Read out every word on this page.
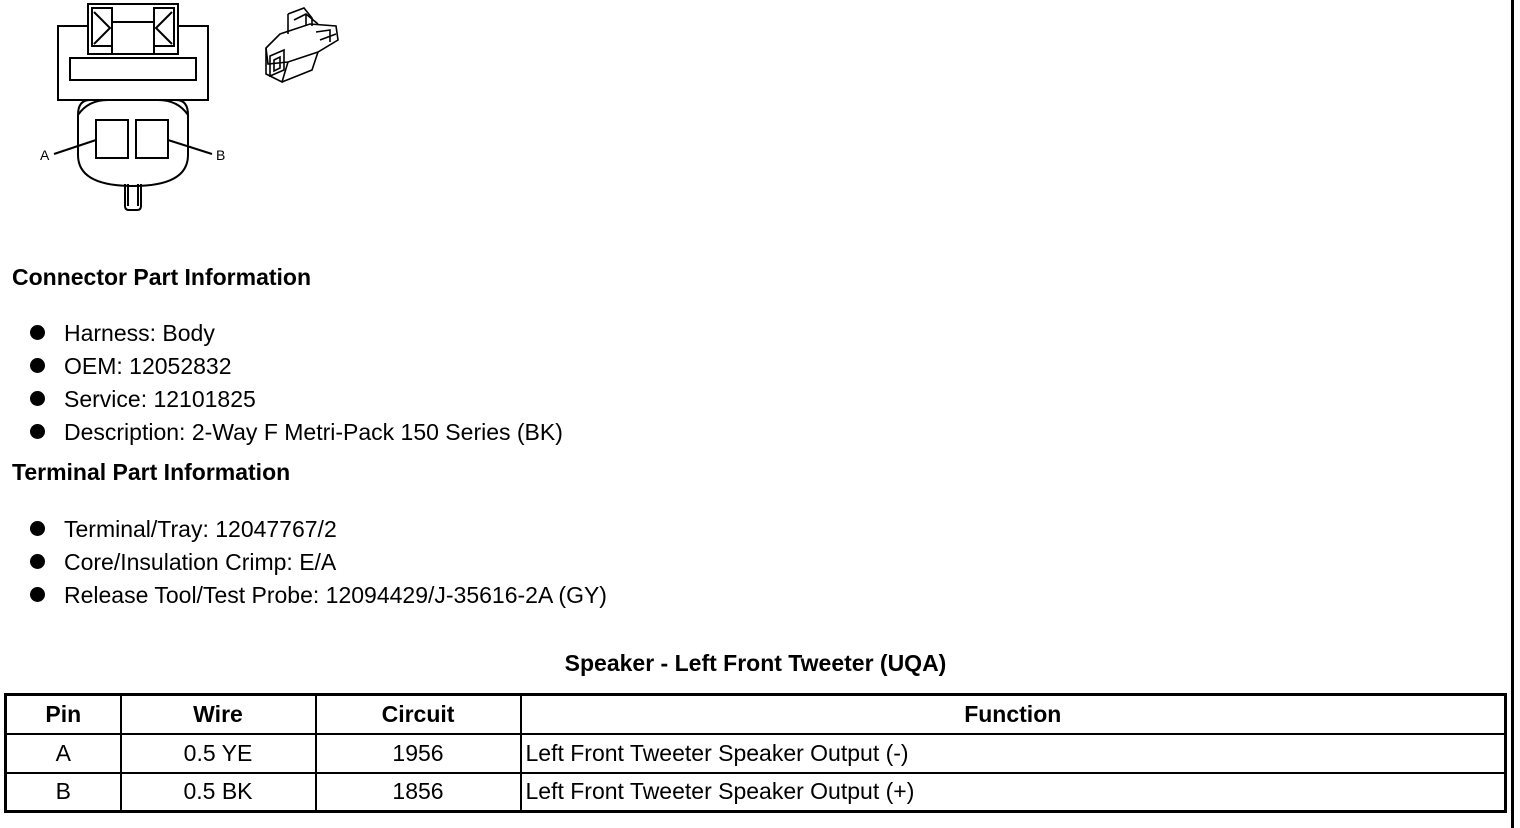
A	B
Connector Part Information
Harness: Body
OEM: 12052832
Service: 12101825
Description: 2-Way F Metri-Pack 150 Series (BK)
Terminal Part Information
Terminal/Tray: 12047767/2
Core/Insulation Crimp: E/A
Release Tool/Test Probe: 12094429/J-35616-2A (GY)
Speaker - Left Front Tweeter (UQA)
Pin	Wire	Circuit	Function
A	0.5 YE	1956	Left Front Tweeter Speaker Output (-)
B	0.5 BK	1856	Left Front Tweeter Speaker Output (+)
